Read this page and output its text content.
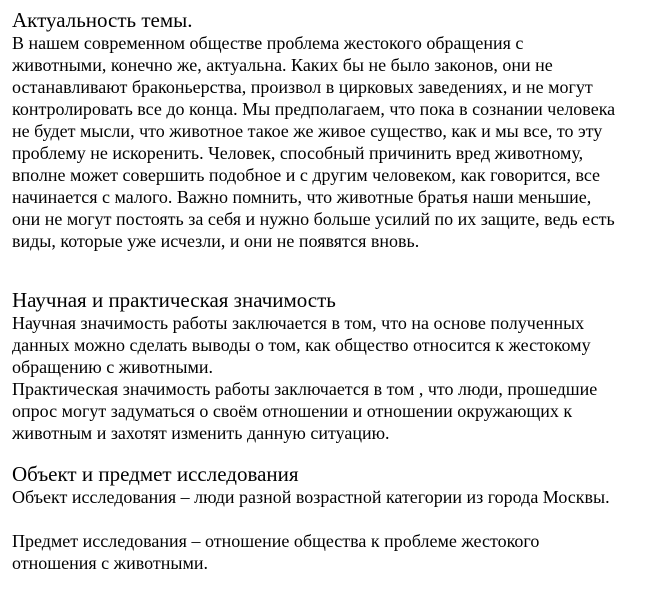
Актуальность темы.

В нашем современном обществе проблема жестокого обращения с животными, конечно же, актуальна. Каких бы не было законов, они не останавливают браконьерства, произвол в цирковых заведениях, и не могут контролировать все до конца. Мы предполагаем, что пока в сознании человека не будет мысли, что животное такое же живое существо, как и мы все, то эту проблему не искоренить. Человек, способный причинить вред животному, вполне может совершить подобное и с другим человеком, как говорится, все начинается с малого. Важно помнить, что животные братья наши меньшие, они не могут постоять за себя и нужно больше усилий по их защите, ведь есть виды, которые уже исчезли, и они не появятся вновь.

Научная и практическая значимость

Научная значимость работы заключается в том, что на основе полученных данных можно сделать выводы о том, как общество относится к жестокому обращению с животными.

Практическая значимость работы заключается в том , что люди, прошедшие опрос могут задуматься о своём отношении и отношении окружающих к животным и захотят изменить данную ситуацию.

Объект и предмет исследования

Объект исследования – люди разной возрастной категории из города Москвы.

Предмет исследования – отношение общества к проблеме жестокого отношения с животными.
